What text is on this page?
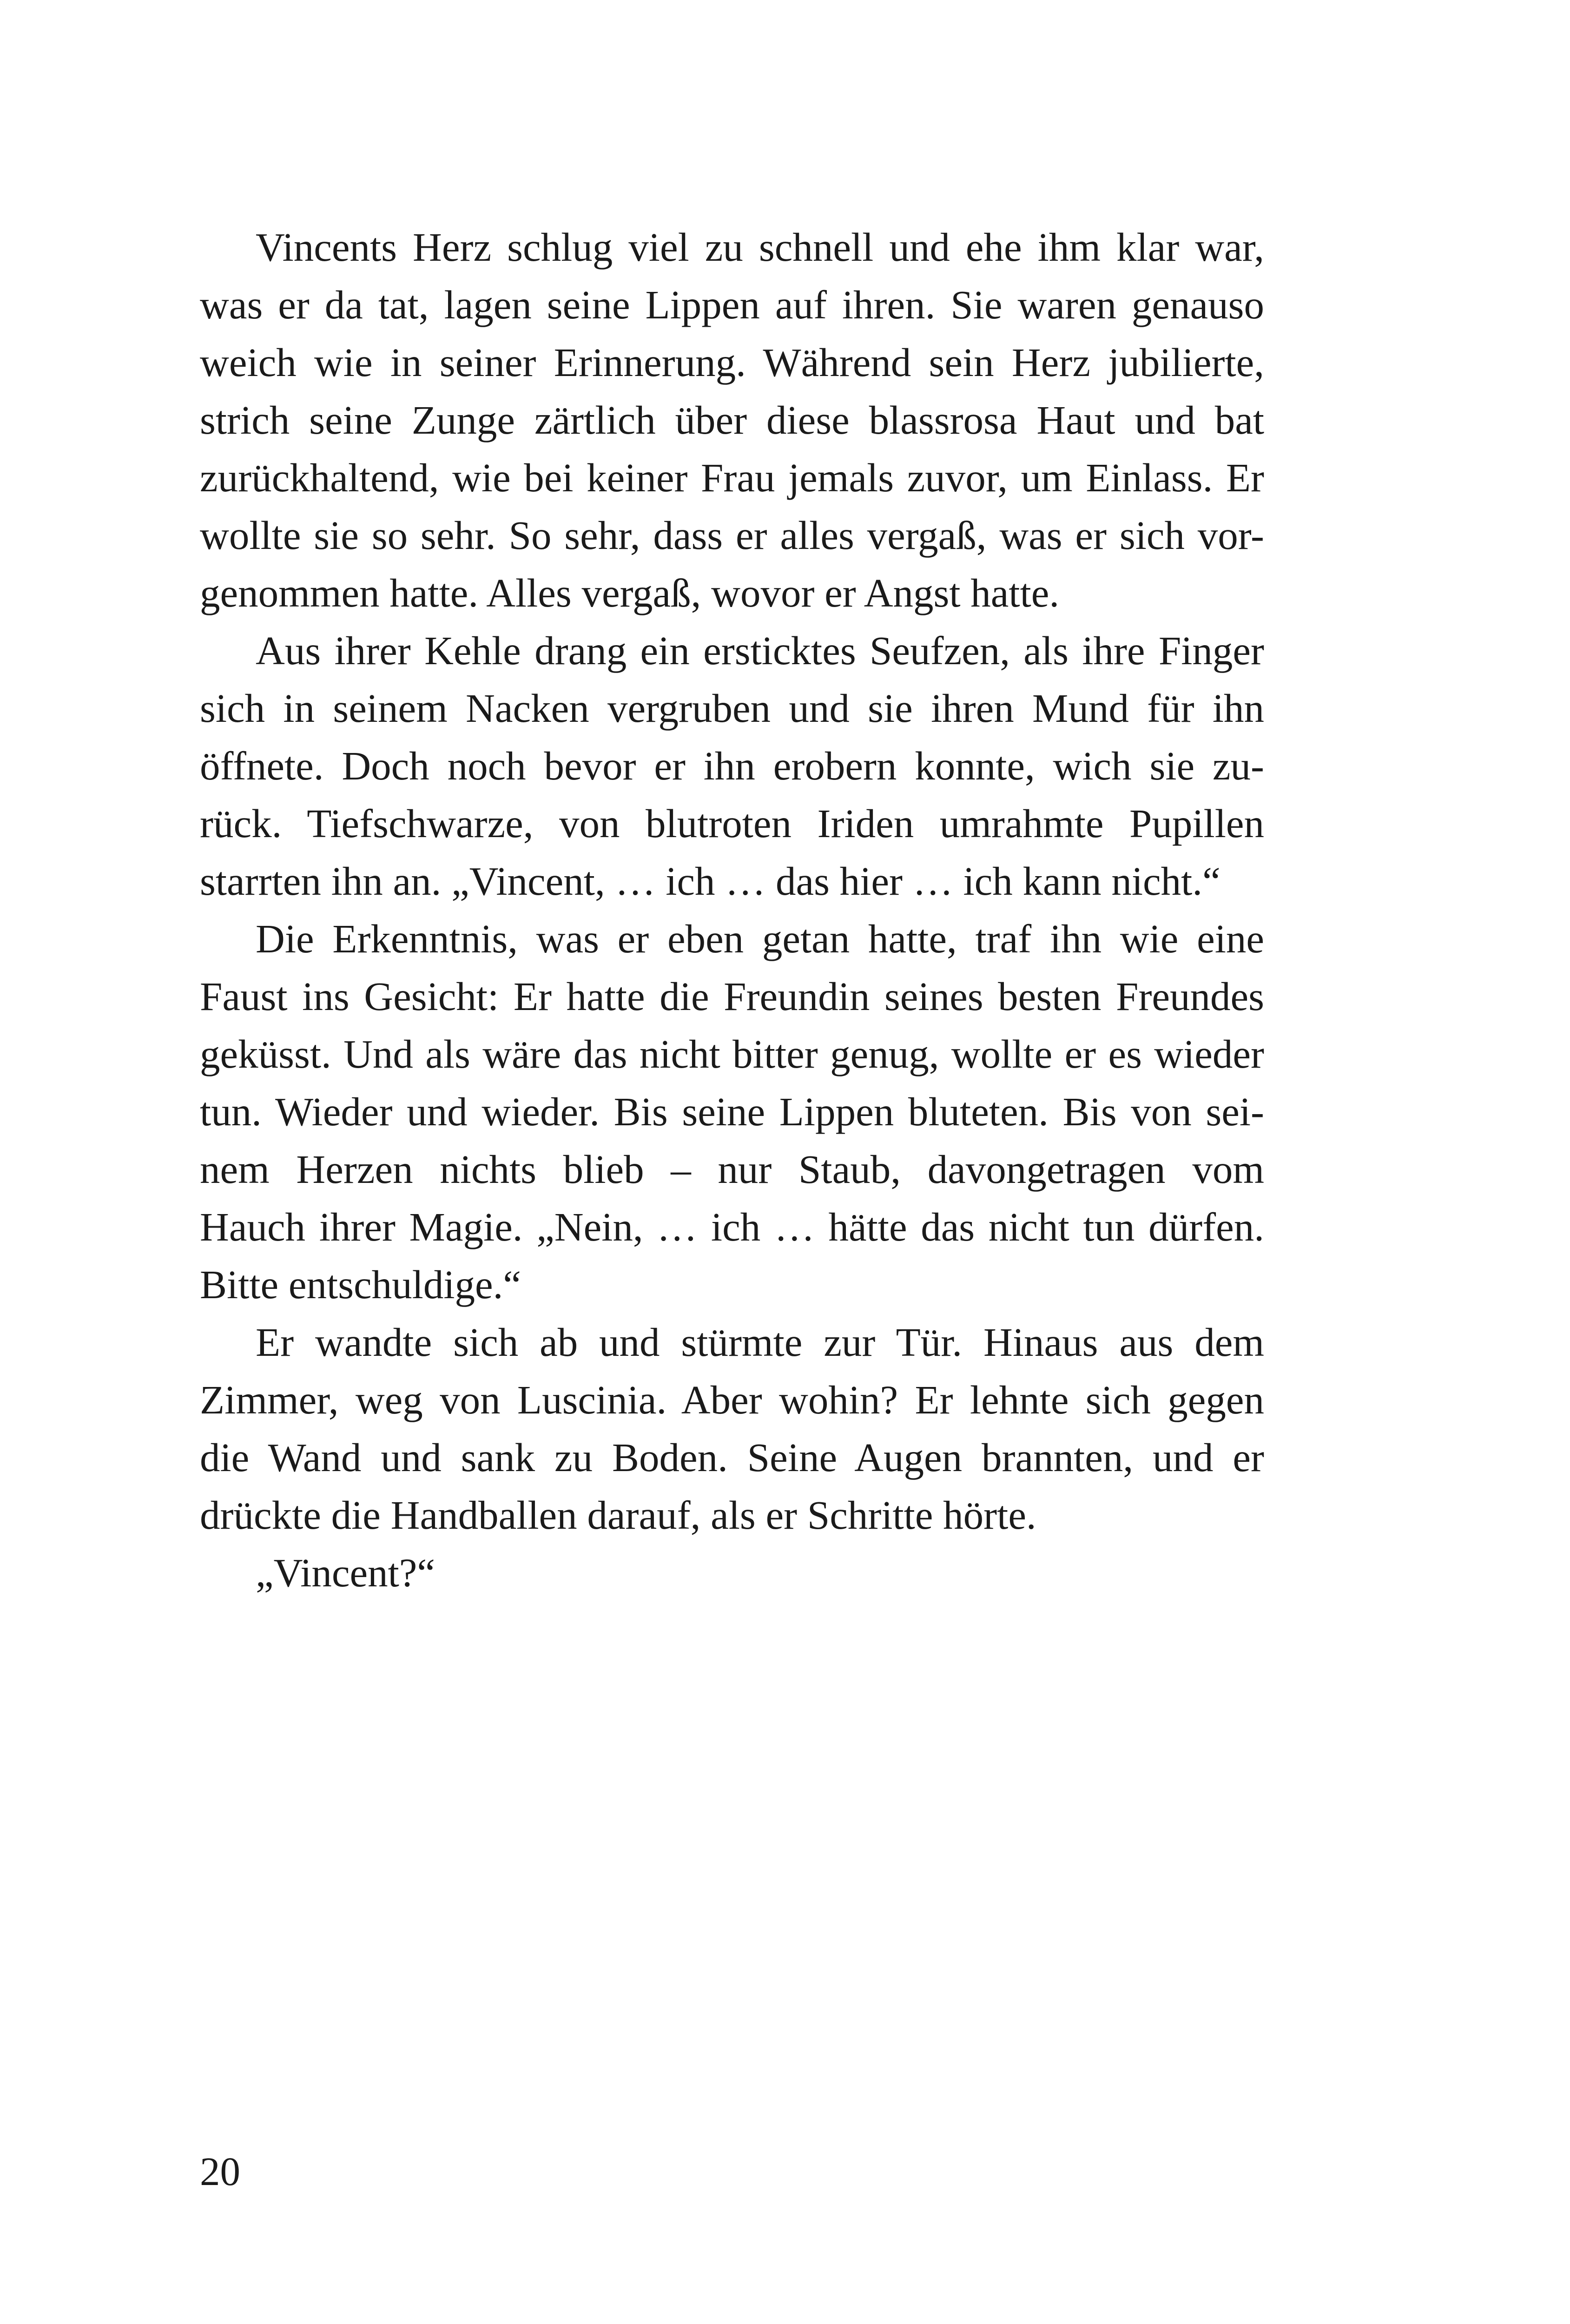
Vincents Herz schlug viel zu schnell und ehe ihm klar war,
was er da tat, lagen seine Lippen auf ihren. Sie waren genauso
weich wie in seiner Erinnerung. Während sein Herz jubilierte,
strich seine Zunge zärtlich über diese blassrosa Haut und bat
zurückhaltend, wie bei keiner Frau jemals zuvor, um Einlass. Er
wollte sie so sehr. So sehr, dass er alles vergaß, was er sich vor-
genommen hatte. Alles vergaß, wovor er Angst hatte.
Aus ihrer Kehle drang ein ersticktes Seufzen, als ihre Finger
sich in seinem Nacken vergruben und sie ihren Mund für ihn
öffnete. Doch noch bevor er ihn erobern konnte, wich sie zu-
rück. Tiefschwarze, von blutroten Iriden umrahmte Pupillen
starrten ihn an. „Vincent, … ich … das hier … ich kann nicht.“
Die Erkenntnis, was er eben getan hatte, traf ihn wie eine
Faust ins Gesicht: Er hatte die Freundin seines besten Freundes
geküsst. Und als wäre das nicht bitter genug, wollte er es wieder
tun. Wieder und wieder. Bis seine Lippen bluteten. Bis von sei-
nem Herzen nichts blieb – nur Staub, davongetragen vom
Hauch ihrer Magie. „Nein, … ich … hätte das nicht tun dürfen.
Bitte entschuldige.“
Er wandte sich ab und stürmte zur Tür. Hinaus aus dem
Zimmer, weg von Luscinia. Aber wohin? Er lehnte sich gegen
die Wand und sank zu Boden. Seine Augen brannten, und er
drückte die Handballen darauf, als er Schritte hörte.
„Vincent?“
20
